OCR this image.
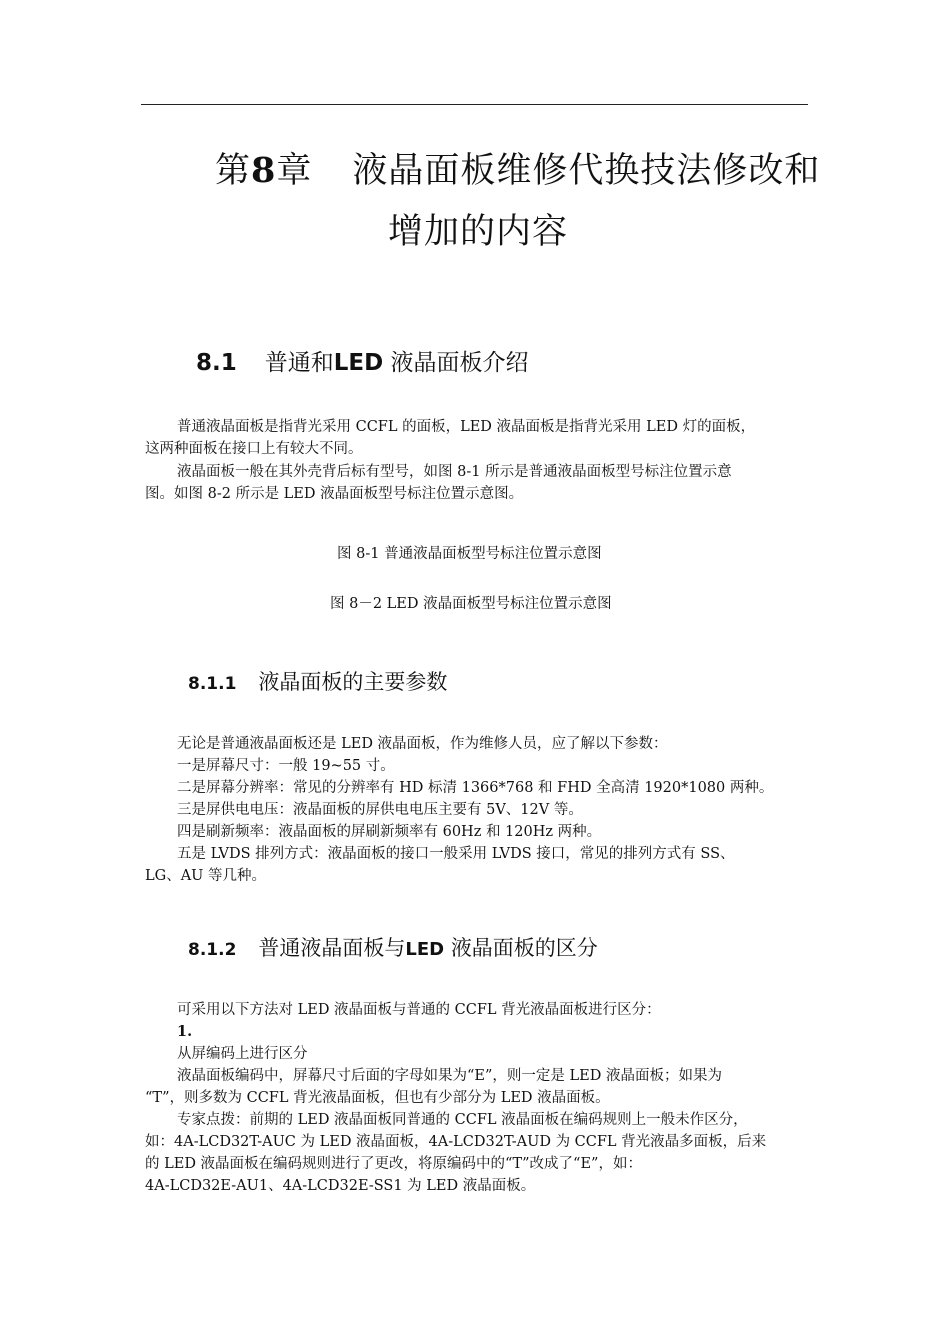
第8章 液晶面板维修代换技法修改和
增加的内容
8.1 普通和LED 液晶面板介绍
普通液晶面板是指背光采用 CCFL 的面板，LED 液晶面板是指背光采用 LED 灯的面板，
这两种面板在接口上有较大不同。
液晶面板一般在其外壳背后标有型号，如图 8-1 所示是普通液晶面板型号标注位置示意
图。如图 8-2 所示是 LED 液晶面板型号标注位置示意图。
图 8-1 普通液晶面板型号标注位置示意图
图 8－2 LED 液晶面板型号标注位置示意图
8.1.1 液晶面板的主要参数
无论是普通液晶面板还是 LED 液晶面板，作为维修人员，应了解以下参数：
一是屏幕尺寸：一般 19~55 寸。
二是屏幕分辨率：常见的分辨率有 HD 标清 1366*768 和 FHD 全高清 1920*1080 两种。
三是屏供电电压：液晶面板的屏供电电压主要有 5V、12V 等。
四是刷新频率：液晶面板的屏刷新频率有 60Hz 和 120Hz 两种。
五是 LVDS 排列方式：液晶面板的接口一般采用 LVDS 接口，常见的排列方式有 SS、
LG、AU 等几种。
8.1.2 普通液晶面板与LED 液晶面板的区分
可采用以下方法对 LED 液晶面板与普通的 CCFL 背光液晶面板进行区分：
1.
从屏编码上进行区分
液晶面板编码中，屏幕尺寸后面的字母如果为“E”，则一定是 LED 液晶面板；如果为
“T”，则多数为 CCFL 背光液晶面板，但也有少部分为 LED 液晶面板。
专家点拨：前期的 LED 液晶面板同普通的 CCFL 液晶面板在编码规则上一般未作区分，
如：4A-LCD32T-AUC 为 LED 液晶面板，4A-LCD32T-AUD 为 CCFL 背光液晶多面板，后来
的 LED 液晶面板在编码规则进行了更改，将原编码中的“T”改成了“E”，如：
4A-LCD32E-AU1、4A-LCD32E-SS1 为 LED 液晶面板。
